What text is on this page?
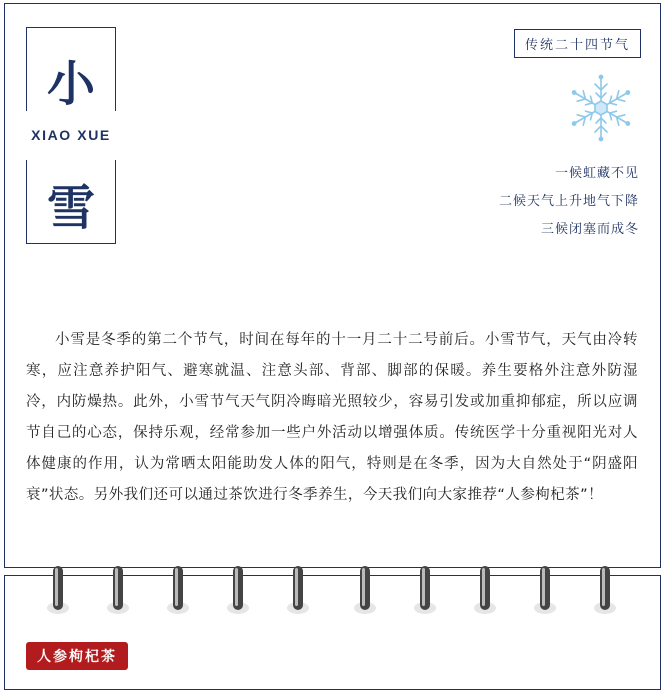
小
XIAO XUE
雪
传统二十四节气
一候虹藏不见
二候天气上升地气下降
三候闭塞而成冬
小雪是冬季的第二个节气，时间在每年的十一月二十二号前后。小雪节气，天气由冷转寒，应注意养护阳气、避寒就温、注意头部、背部、脚部的保暖。养生要格外注意外防湿冷，内防燥热。此外，小雪节气天气阴冷晦暗光照较少，容易引发或加重抑郁症，所以应调节自己的心态，保持乐观，经常参加一些户外活动以增强体质。传统医学十分重视阳光对人体健康的作用，认为常晒太阳能助发人体的阳气，特则是在冬季，因为大自然处于“阴盛阳衰”状态。另外我们还可以通过茶饮进行冬季养生，今天我们向大家推荐“人参枸杞茶”！
人参枸杞茶
